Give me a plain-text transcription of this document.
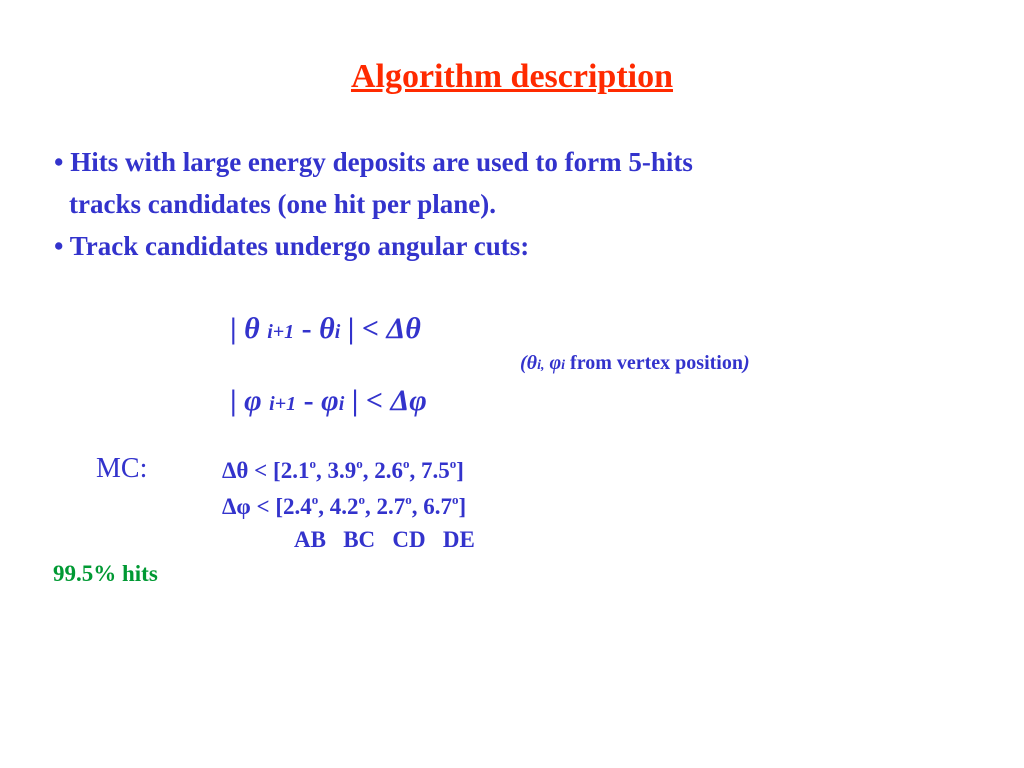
Algorithm description
• Hits with large energy deposits are used to form 5-hits
tracks candidates (one hit per plane).
• Track candidates undergo angular cuts:
| θ i+1 - θi | < Δθ
(θi, φi from vertex position)
| φ i+1 - φi | < Δφ
MC:	$\Delta\theta < [2.1^o$, 3.9$^o$, 2.6$^o$, 7.5$^o$]
$\Delta\varphi < [2.4^o$, 4.2$^o$, 2.7$^o$, 6.7$^o$]
AB   BC   CD   DE
99.5% hits
